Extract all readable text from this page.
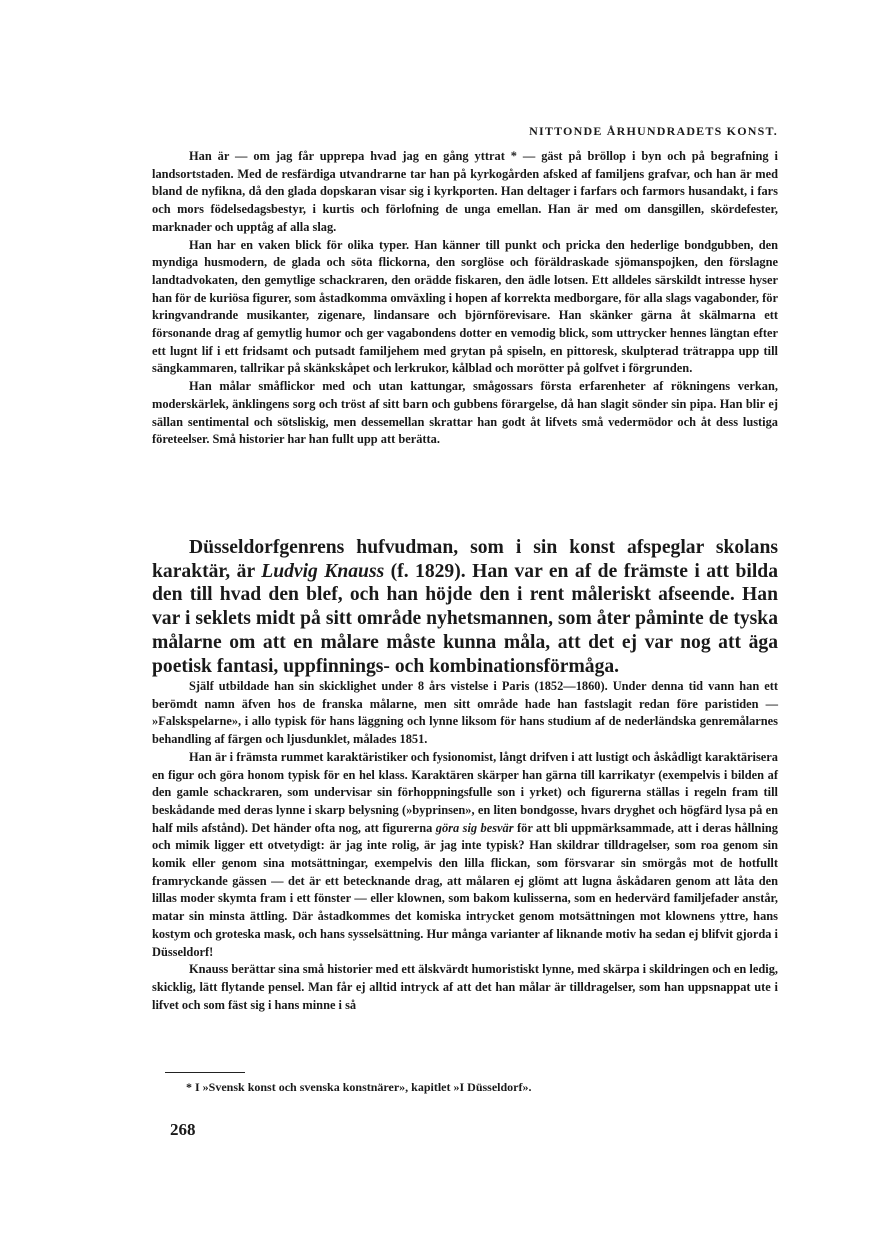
NITTONDE ÅRHUNDRADETS KONST.

Han är — om jag får upprepa hvad jag en gång yttrat * — gäst på bröllop i byn och på begrafning i landsortstaden. Med de resfärdiga utvandrarne tar han på kyrkogården afsked af familjens grafvar, och han är med bland de nyfikna, då den glada dopskaran visar sig i kyrkporten. Han deltager i farfars och farmors husandakt, i fars och mors födelsedagsbestyr, i kurtis och förlofning de unga emellan. Han är med om dansgillen, skördefester, marknader och upptåg af alla slag.

Han har en vaken blick för olika typer. Han känner till punkt och pricka den hederlige bondgubben, den myndiga husmodern, de glada och söta flickorna, den sorglöse och föräldraskade sjömanspojken, den förslagne landtadvokaten, den gemytlige schackraren, den orädde fiskaren, den ädle lotsen. Ett alldeles särskildt intresse hyser han för de kuriösa figurer, som åstadkomma omväxling i hopen af korrekta medborgare, för alla slags vagabonder, för kringvandrande musikanter, zigenare, lindansare och björnförevisare. Han skänker gärna åt skälmarna ett försonande drag af gemytlig humor och ger vagabondens dotter en vemodig blick, som uttrycker hennes längtan efter ett lugnt lif i ett fridsamt och putsadt familjehem med grytan på spiseln, en pittoresk, skulpterad trätrappa upp till sängkammaren, tallrikar på skänkskåpet och lerkrukor, kålblad och morötter på golfvet i förgrunden.

Han målar småflickor med och utan kattungar, smågossars första erfarenheter af rökningens verkan, moderskärlek, änklingens sorg och tröst af sitt barn och gubbens förargelse, då han slagit sönder sin pipa. Han blir ej sällan sentimental och sötsliskig, men dessemellan skrattar han godt åt lifvets små vedermödor och åt dess lustiga företeelser. Små historier har han fullt upp att berätta.

Düsseldorfgenrens hufvudman, som i sin konst afspeglar skolans karaktär, är Ludvig Knauss (f. 1829). Han var en af de främste i att bilda den till hvad den blef, och han höjde den i rent måleriskt afseende. Han var i seklets midt på sitt område nyhetsmannen, som åter påminte de tyska målarne om att en målare måste kunna måla, att det ej var nog att äga poetisk fantasi, uppfinnings- och kombinationsförmåga.

Själf utbildade han sin skicklighet under 8 års vistelse i Paris (1852—1860). Under denna tid vann han ett berömdt namn äfven hos de franska målarne, men sitt område hade han fastslagit redan före paristiden — »Falskspelarne», i allo typisk för hans läggning och lynne liksom för hans studium af de nederländska genremålarnes behandling af färgen och ljusdunklet, målades 1851.

Han är i främsta rummet karaktäristiker och fysionomist, långt drifven i att lustigt och åskådligt karaktärisera en figur och göra honom typisk för en hel klass. Karaktären skärper han gärna till karrikatyr (exempelvis i bilden af den gamle schackraren, som undervisar sin förhoppningsfulle son i yrket) och figurerna ställas i regeln fram till beskådande med deras lynne i skarp belysning (»byprinsen», en liten bondgosse, hvars dryghet och högfärd lysa på en half mils afstånd). Det händer ofta nog, att figurerna göra sig besvär för att bli uppmärksammade, att i deras hållning och mimik ligger ett otvetydigt: är jag inte rolig, är jag inte typisk? Han skildrar tilldragelser, som roa genom sin komik eller genom sina motsättningar, exempelvis den lilla flickan, som försvarar sin smörgås mot de hotfullt framryckande gässen — det är ett betecknande drag, att målaren ej glömt att lugna åskådaren genom att låta den lillas moder skymta fram i ett fönster — eller klownen, som bakom kulisserna, som en hedervärd familjefader anstår, matar sin minsta ättling. Där åstadkommes det komiska intrycket genom motsättningen mot klownens yttre, hans kostym och groteska mask, och hans sysselsättning. Hur många varianter af liknande motiv ha sedan ej blifvit gjorda i Düsseldorf!

Knauss berättar sina små historier med ett älskvärdt humoristiskt lynne, med skärpa i skildringen och en ledig, skicklig, lätt flytande pensel. Man får ej alltid intryck af att det han målar är tilldragelser, som han uppsnappat ute i lifvet och som fäst sig i hans minne i så

* I »Svensk konst och svenska konstnärer», kapitlet »I Düsseldorf».
268
